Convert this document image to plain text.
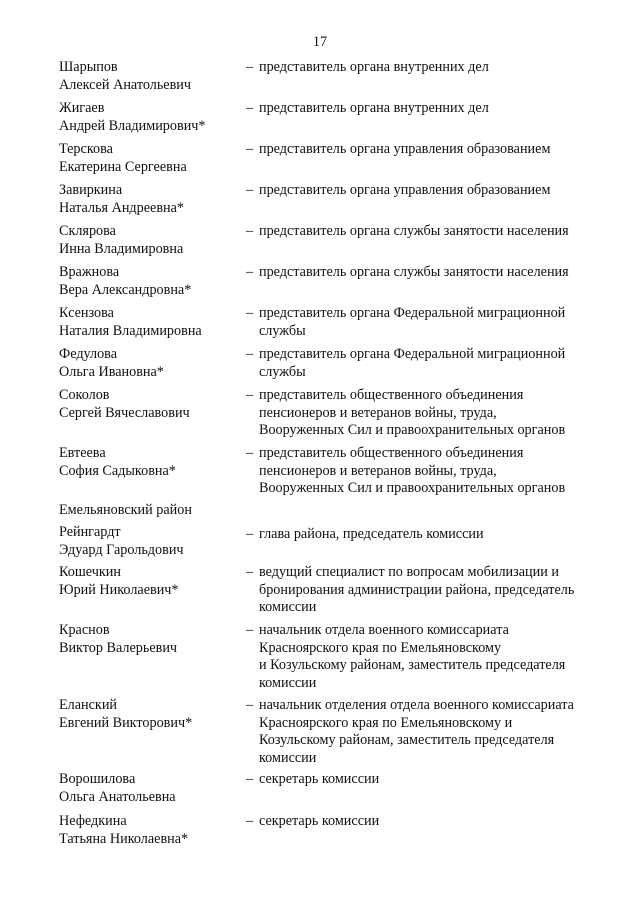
17
Шарыпов
Алексей Анатольевич
– представитель органа внутренних дел
Жигаев
Андрей Владимирович*
– представитель органа внутренних дел
Терскова
Екатерина Сергеевна
– представитель органа управления образованием
Завиркина
Наталья Андреевна*
– представитель органа управления образованием
Склярова
Инна Владимировна
– представитель органа службы занятости населения
Вражнова
Вера Александровна*
– представитель органа службы занятости населения
Ксензова
Наталия Владимировна
– представитель органа Федеральной миграционной
службы
Федулова
Ольга Ивановна*
– представитель органа Федеральной миграционной
службы
Соколов
Сергей Вячеславович
– представитель общественного объединения
пенсионеров и ветеранов войны, труда,
Вооруженных Сил и правоохранительных органов
Евтеева
София Садыковна*
– представитель общественного объединения
пенсионеров и ветеранов войны, труда,
Вооруженных Сил и правоохранительных органов
Емельяновский район
Рейнгардт
Эдуард Гарольдович
– глава района, председатель комиссии
Кошечкин
Юрий Николаевич*
– ведущий специалист по вопросам мобилизации и
бронирования администрации района, председатель
комиссии
Краснов
Виктор Валерьевич
– начальник отдела военного комиссариата
Красноярского края по Емельяновскому
и Козульскому районам, заместитель председателя
комиссии
Еланский
Евгений Викторович*
– начальник отделения отдела военного комиссариата
Красноярского края по Емельяновскому и
Козульскому районам, заместитель председателя
комиссии
Ворошилова
Ольга Анатольевна
– секретарь комиссии
Нефедкина
Татьяна Николаевна*
– секретарь комиссии
